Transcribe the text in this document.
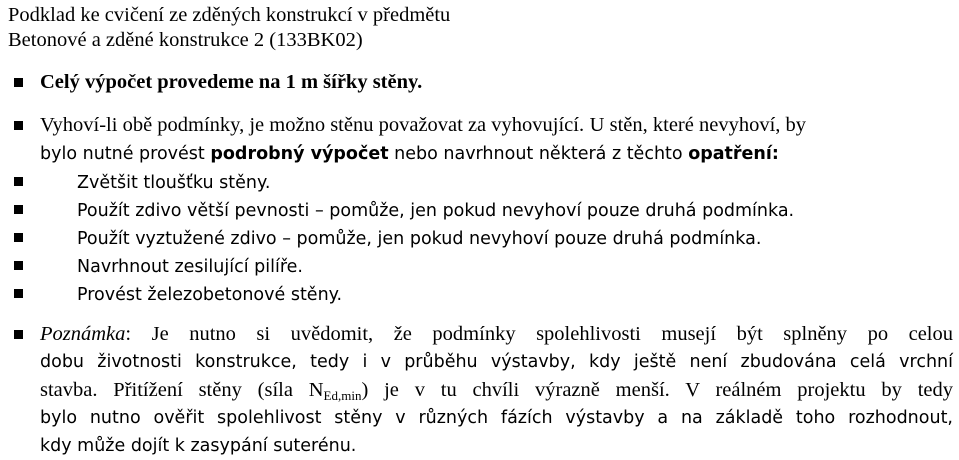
Podklad ke cvičení ze zděných konstrukcí v předmětu
Betonové a zděné konstrukce 2 (133BK02)
Celý výpočet provedeme na 1 m šířky stěny.
Vyhoví-li obě podmínky, je možno stěnu považovat za vyhovující. U stěn, které nevyhoví, by
bylo nutné provést podrobný výpočet nebo navrhnout některá z těchto opatření:
Zvětšit tloušťku stěny.
Použít zdivo větší pevnosti – pomůže, jen pokud nevyhoví pouze druhá podmínka.
Použít vyztužené zdivo – pomůže, jen pokud nevyhoví pouze druhá podmínka.
Navrhnout zesilující pilíře.
Provést železobetonové stěny.
Poznámka: Je nutno si uvědomit, že podmínky spolehlivosti musejí být splněny po celou
dobu životnosti konstrukce, tedy i v průběhu výstavby, kdy ještě není zbudována celá vrchní
stavba. Přitížení stěny (síla $N_{Ed,min}$) je v tu chvíli výrazně menší. V reálném projektu by tedy
bylo nutno ověřit spolehlivost stěny v různých fázích výstavby a na základě toho rozhodnout,
kdy může dojít k zasypání suterénu.
